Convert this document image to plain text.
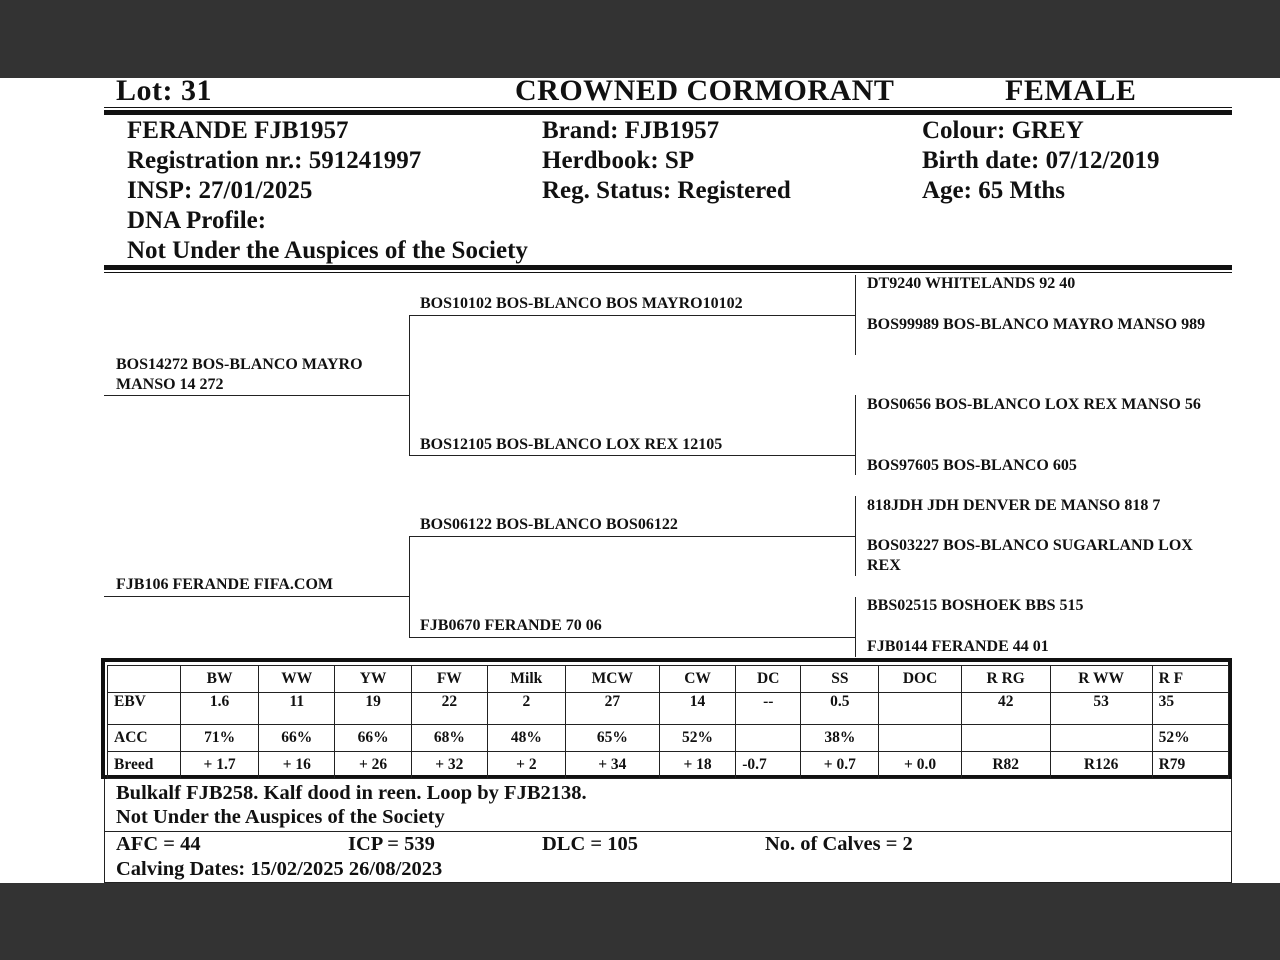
Lot: 31	CROWNED CORMORANT	FEMALE
FERANDE FJB1957
Registration nr.: 591241997
INSP: 27/01/2025
DNA Profile:
Not Under the Auspices of the Society
Brand: FJB1957
Herdbook: SP
Reg. Status: Registered
Colour: GREY
Birth date: 07/12/2019
Age: 65 Mths
BOS14272 BOS-BLANCO MAYRO MANSO 14 272
FJB106 FERANDE FIFA.COM
BOS10102 BOS-BLANCO BOS MAYRO10102
BOS12105 BOS-BLANCO LOX REX 12105
BOS06122 BOS-BLANCO BOS06122
FJB0670 FERANDE 70 06
DT9240 WHITELANDS 92 40
BOS99989 BOS-BLANCO MAYRO MANSO 989
BOS0656 BOS-BLANCO LOX REX MANSO 56
BOS97605 BOS-BLANCO 605
818JDH JDH DENVER DE MANSO 818 7
BOS03227 BOS-BLANCO SUGARLAND LOX REX
BBS02515 BOSHOEK BBS 515
FJB0144 FERANDE 44 01
	BW	WW	YW	FW	Milk	MCW	CW	DC	SS	DOC	R RG	R WW	R F
EBV	1.6	11	19	22	2	27	14	--	0.5		42	53	35
ACC	71%	66%	66%	68%	48%	65%	52%		38%				52%
Breed	+ 1.7	+ 16	+ 26	+ 32	+ 2	+ 34	+ 18	-0.7	+ 0.7	+ 0.0	R82	R126	R79
Bulkalf FJB258. Kalf dood in reen. Loop by FJB2138.
Not Under the Auspices of the Society
AFC = 44	ICP = 539	DLC = 105	No. of Calves = 2
Calving Dates: 15/02/2025 26/08/2023
